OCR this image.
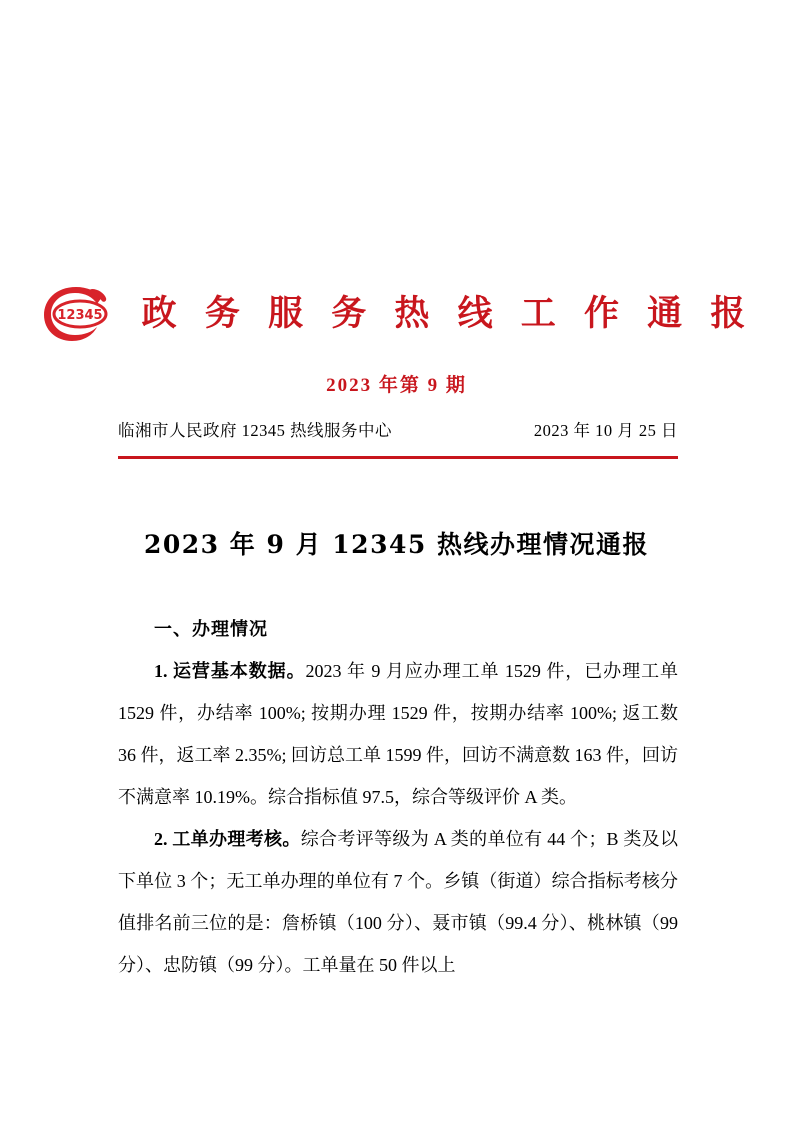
12345 政 务 服 务 热 线 工 作 通 报
2023 年第 9 期
临湘市人民政府 12345 热线服务中心	2023 年 10 月 25 日
2023 年 9 月 12345 热线办理情况通报

一、办理情况

1. 运营基本数据。2023 年 9 月应办理工单 1529 件，已办理工单 1529 件，办结率 100%; 按期办理 1529 件，按期办结率 100%; 返工数 36 件，返工率 2.35%; 回访总工单 1599 件，回访不满意数 163 件，回访不满意率 10.19%。综合指标值 97.5，综合等级评价 A 类。

2. 工单办理考核。综合考评等级为 A 类的单位有 44 个；B 类及以下单位 3 个；无工单办理的单位有 7 个。乡镇（街道）综合指标考核分值排名前三位的是：詹桥镇（100 分）、聂市镇（99.4 分）、桃林镇（99 分）、忠防镇（99 分）。工单量在 50 件以上
